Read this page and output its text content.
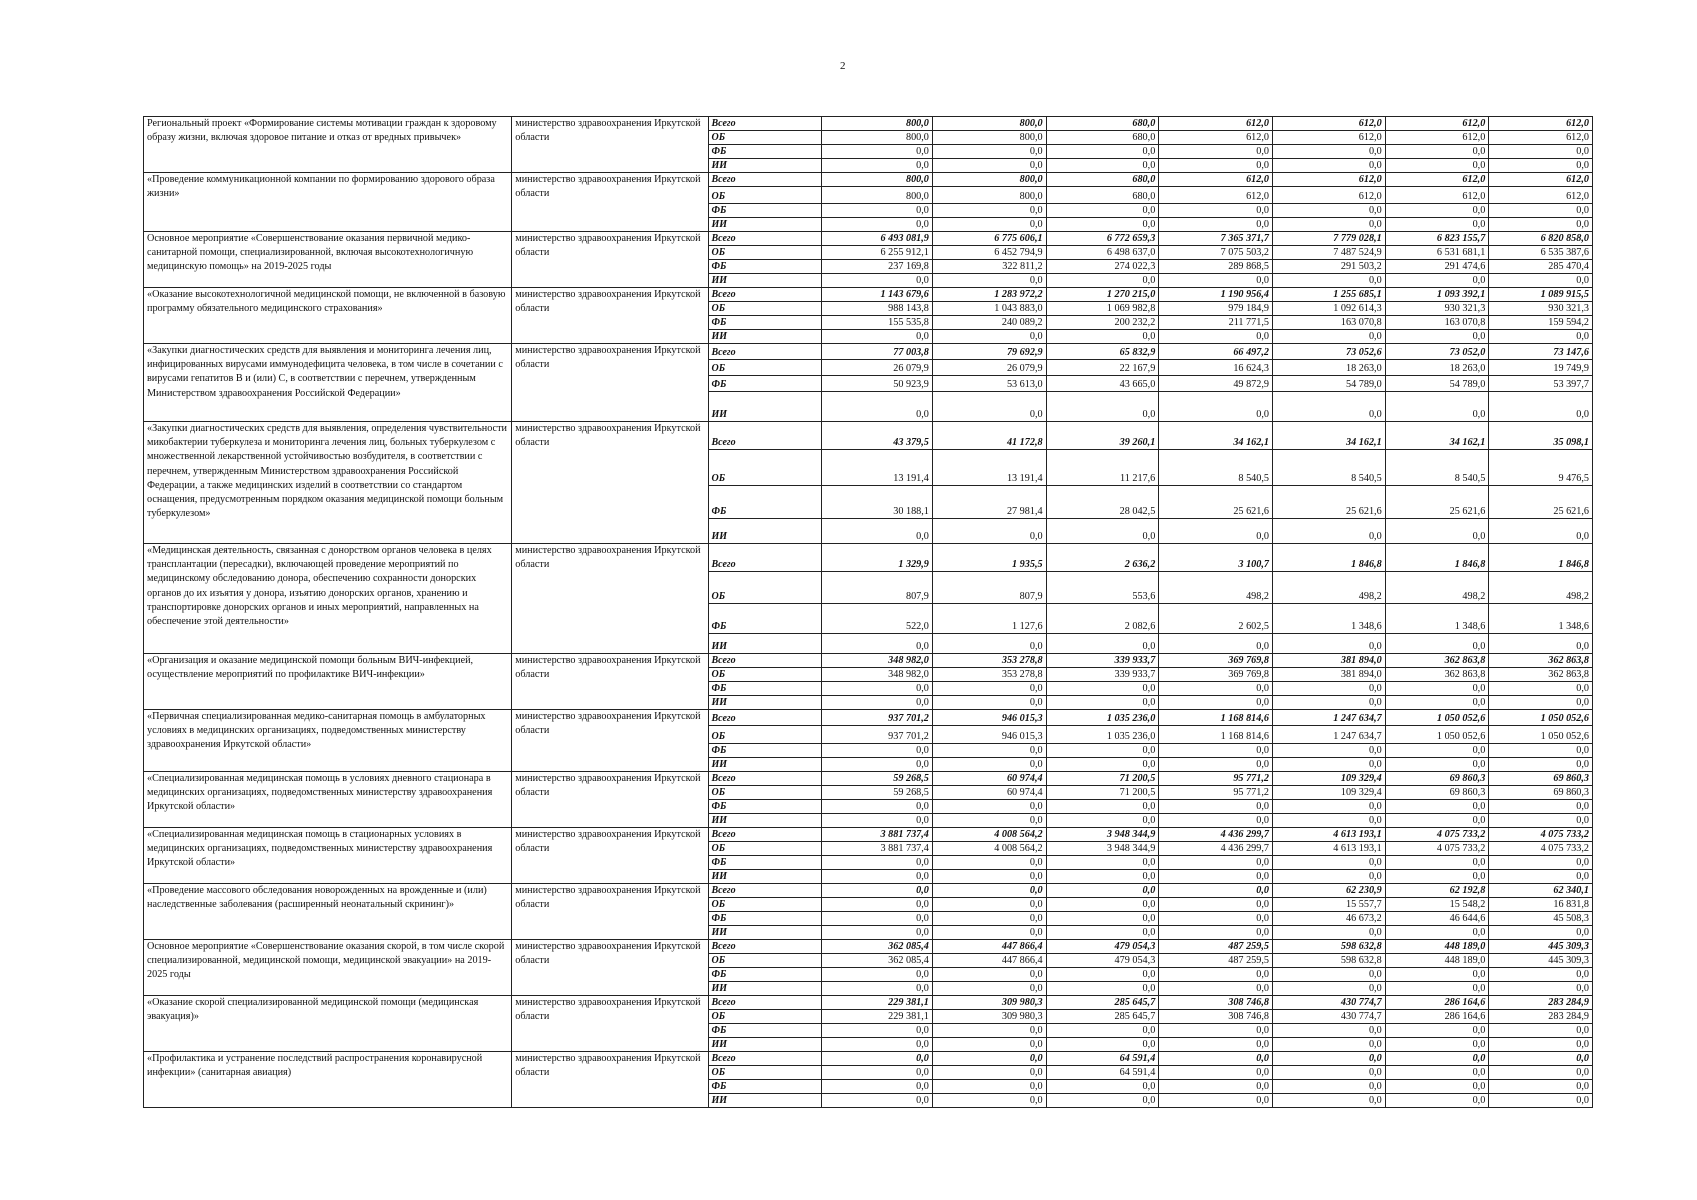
2
Региональный проект «Формирование системы мотивации граждан к здоровому образу жизни, включая здоровое питание и отказ от вредных привычек»	министерство здравоохранения Иркутской области	Всего	800,0	800,0	680,0	612,0	612,0	612,0	612,0
		ОБ	800,0	800,0	680,0	612,0	612,0	612,0	612,0
		ФБ	0,0	0,0	0,0	0,0	0,0	0,0	0,0
		ИИ	0,0	0,0	0,0	0,0	0,0	0,0	0,0
«Проведение коммуникационной компании по формированию здорового образа жизни»	министерство здравоохранения Иркутской области	Всего	800,0	800,0	680,0	612,0	612,0	612,0	612,0
		ОБ	800,0	800,0	680,0	612,0	612,0	612,0	612,0
		ФБ	0,0	0,0	0,0	0,0	0,0	0,0	0,0
		ИИ	0,0	0,0	0,0	0,0	0,0	0,0	0,0
Основное мероприятие «Совершенствование оказания первичной медико-санитарной помощи, специализированной, включая высокотехнологичную медицинскую помощь» на 2019-2025 годы	министерство здравоохранения Иркутской области	Всего	6 493 081,9	6 775 606,1	6 772 659,3	7 365 371,7	7 779 028,1	6 823 155,7	6 820 858,0
		ОБ	6 255 912,1	6 452 794,9	6 498 637,0	7 075 503,2	7 487 524,9	6 531 681,1	6 535 387,6
		ФБ	237 169,8	322 811,2	274 022,3	289 868,5	291 503,2	291 474,6	285 470,4
		ИИ	0,0	0,0	0,0	0,0	0,0	0,0	0,0
«Оказание высокотехнологичной медицинской помощи, не включенной в базовую программу обязательного медицинского страхования»	министерство здравоохранения Иркутской области	Всего	1 143 679,6	1 283 972,2	1 270 215,0	1 190 956,4	1 255 685,1	1 093 392,1	1 089 915,5
		ОБ	988 143,8	1 043 883,0	1 069 982,8	979 184,9	1 092 614,3	930 321,3	930 321,3
		ФБ	155 535,8	240 089,2	200 232,2	211 771,5	163 070,8	163 070,8	159 594,2
		ИИ	0,0	0,0	0,0	0,0	0,0	0,0	0,0
«Закупки диагностических средств для выявления и мониторинга лечения лиц, инфицированных вирусами иммунодефицита человека, в том числе в сочетании с вирусами гепатитов В и (или) С, в соответствии с перечнем, утвержденным Министерством здравоохранения Российской Федерации»	министерство здравоохранения Иркутской области	Всего	77 003,8	79 692,9	65 832,9	66 497,2	73 052,6	73 052,0	73 147,6
		ОБ	26 079,9	26 079,9	22 167,9	16 624,3	18 263,0	18 263,0	19 749,9
		ФБ	50 923,9	53 613,0	43 665,0	49 872,9	54 789,0	54 789,0	53 397,7
		ИИ	0,0	0,0	0,0	0,0	0,0	0,0	0,0
«Закупки диагностических средств для выявления, определения чувствительности микобактерии туберкулеза и мониторинга лечения лиц, больных туберкулезом с множественной лекарственной устойчивостью возбудителя, в соответствии с перечнем, утвержденным Министерством здравоохранения Российской Федерации, а также медицинских изделий в соответствии со стандартом оснащения, предусмотренным порядком оказания медицинской помощи больным туберкулезом»	министерство здравоохранения Иркутской области	Всего	43 379,5	41 172,8	39 260,1	34 162,1	34 162,1	34 162,1	35 098,1
		ОБ	13 191,4	13 191,4	11 217,6	8 540,5	8 540,5	8 540,5	9 476,5
		ФБ	30 188,1	27 981,4	28 042,5	25 621,6	25 621,6	25 621,6	25 621,6
		ИИ	0,0	0,0	0,0	0,0	0,0	0,0	0,0
«Медицинская деятельность, связанная с донорством органов человека в целях трансплантации (пересадки), включающей проведение мероприятий по медицинскому обследованию донора, обеспечению сохранности донорских органов до их изъятия у донора, изъятию донорских органов, хранению и транспортировке донорских органов и иных мероприятий, направленных на обеспечение этой деятельности»	министерство здравоохранения Иркутской области	Всего	1 329,9	1 935,5	2 636,2	3 100,7	1 846,8	1 846,8	1 846,8
		ОБ	807,9	807,9	553,6	498,2	498,2	498,2	498,2
		ФБ	522,0	1 127,6	2 082,6	2 602,5	1 348,6	1 348,6	1 348,6
		ИИ	0,0	0,0	0,0	0,0	0,0	0,0	0,0
«Организация и оказание медицинской помощи больным ВИЧ-инфекцией, осуществление мероприятий по профилактике ВИЧ-инфекции»	министерство здравоохранения Иркутской области	Всего	348 982,0	353 278,8	339 933,7	369 769,8	381 894,0	362 863,8	362 863,8
		ОБ	348 982,0	353 278,8	339 933,7	369 769,8	381 894,0	362 863,8	362 863,8
		ФБ	0,0	0,0	0,0	0,0	0,0	0,0	0,0
		ИИ	0,0	0,0	0,0	0,0	0,0	0,0	0,0
«Первичная специализированная медико-санитарная помощь в амбулаторных условиях в медицинских организациях, подведомственных министерству здравоохранения Иркутской области»	министерство здравоохранения Иркутской области	Всего	937 701,2	946 015,3	1 035 236,0	1 168 814,6	1 247 634,7	1 050 052,6	1 050 052,6
		ОБ	937 701,2	946 015,3	1 035 236,0	1 168 814,6	1 247 634,7	1 050 052,6	1 050 052,6
		ФБ	0,0	0,0	0,0	0,0	0,0	0,0	0,0
		ИИ	0,0	0,0	0,0	0,0	0,0	0,0	0,0
«Специализированная медицинская помощь в условиях дневного стационара в медицинских организациях, подведомственных министерству здравоохранения Иркутской области»	министерство здравоохранения Иркутской области	Всего	59 268,5	60 974,4	71 200,5	95 771,2	109 329,4	69 860,3	69 860,3
		ОБ	59 268,5	60 974,4	71 200,5	95 771,2	109 329,4	69 860,3	69 860,3
		ФБ	0,0	0,0	0,0	0,0	0,0	0,0	0,0
		ИИ	0,0	0,0	0,0	0,0	0,0	0,0	0,0
«Специализированная медицинская помощь в стационарных условиях в медицинских организациях, подведомственных министерству здравоохранения Иркутской области»	министерство здравоохранения Иркутской области	Всего	3 881 737,4	4 008 564,2	3 948 344,9	4 436 299,7	4 613 193,1	4 075 733,2	4 075 733,2
		ОБ	3 881 737,4	4 008 564,2	3 948 344,9	4 436 299,7	4 613 193,1	4 075 733,2	4 075 733,2
		ФБ	0,0	0,0	0,0	0,0	0,0	0,0	0,0
		ИИ	0,0	0,0	0,0	0,0	0,0	0,0	0,0
«Проведение массового обследования новорожденных на врожденные и (или) наследственные заболевания (расширенный неонатальный скрининг)»	министерство здравоохранения Иркутской области	Всего	0,0	0,0	0,0	0,0	62 230,9	62 192,8	62 340,1
		ОБ	0,0	0,0	0,0	0,0	15 557,7	15 548,2	16 831,8
		ФБ	0,0	0,0	0,0	0,0	46 673,2	46 644,6	45 508,3
		ИИ	0,0	0,0	0,0	0,0	0,0	0,0	0,0
Основное мероприятие «Совершенствование оказания скорой, в том числе скорой специализированной, медицинской помощи, медицинской эвакуации» на 2019-2025 годы	министерство здравоохранения Иркутской области	Всего	362 085,4	447 866,4	479 054,3	487 259,5	598 632,8	448 189,0	445 309,3
		ОБ	362 085,4	447 866,4	479 054,3	487 259,5	598 632,8	448 189,0	445 309,3
		ФБ	0,0	0,0	0,0	0,0	0,0	0,0	0,0
		ИИ	0,0	0,0	0,0	0,0	0,0	0,0	0,0
«Оказание скорой специализированной медицинской помощи (медицинская эвакуация)»	министерство здравоохранения Иркутской области	Всего	229 381,1	309 980,3	285 645,7	308 746,8	430 774,7	286 164,6	283 284,9
		ОБ	229 381,1	309 980,3	285 645,7	308 746,8	430 774,7	286 164,6	283 284,9
		ФБ	0,0	0,0	0,0	0,0	0,0	0,0	0,0
		ИИ	0,0	0,0	0,0	0,0	0,0	0,0	0,0
«Профилактика и устранение последствий распространения коронавирусной инфекции» (санитарная авиация)	министерство здравоохранения Иркутской области	Всего	0,0	0,0	64 591,4	0,0	0,0	0,0	0,0
		ОБ	0,0	0,0	64 591,4	0,0	0,0	0,0	0,0
		ФБ	0,0	0,0	0,0	0,0	0,0	0,0	0,0
		ИИ	0,0	0,0	0,0	0,0	0,0	0,0	0,0
